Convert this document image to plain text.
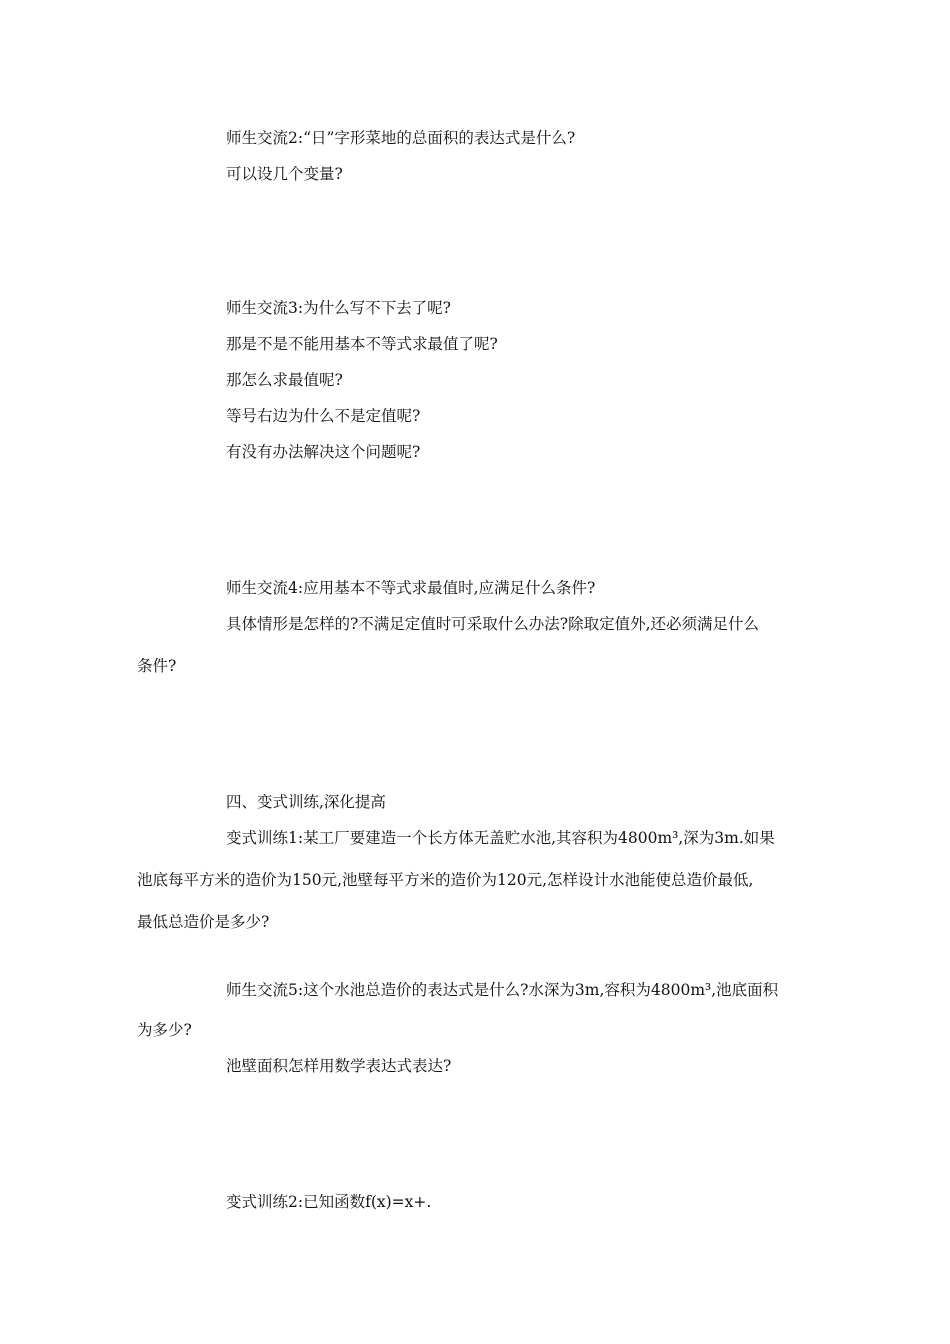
师生交流2:“日”字形菜地的总面积的表达式是什么?
可以设几个变量?
师生交流3:为什么写不下去了呢?
那是不是不能用基本不等式求最值了呢?
那怎么求最值呢?
等号右边为什么不是定值呢?
有没有办法解决这个问题呢?
师生交流4:应用基本不等式求最值时,应满足什么条件?
具体情形是怎样的?不满足定值时可采取什么办法?除取定值外,还必须满足什么
条件?
四、变式训练,深化提高
变式训练1:某工厂要建造一个长方体无盖贮水池,其容积为4800m³,深为3m.如果
池底每平方米的造价为150元,池壁每平方米的造价为120元,怎样设计水池能使总造价最低,
最低总造价是多少?
师生交流5:这个水池总造价的表达式是什么?水深为3m,容积为4800m³,池底面积
为多少?
池壁面积怎样用数学表达式表达?
变式训练2:已知函数f(x)=x+.
